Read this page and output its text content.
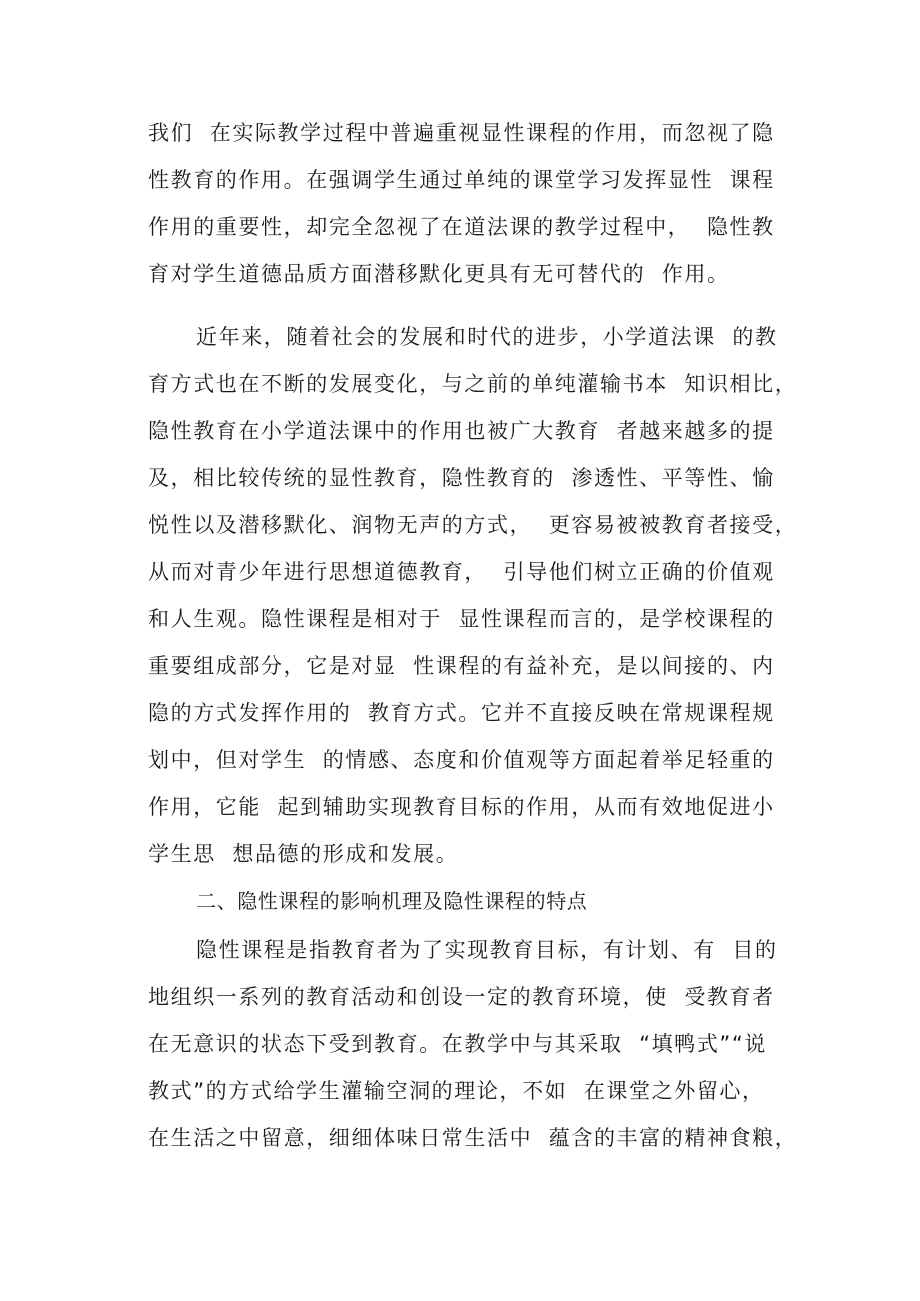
我们  在实际教学过程中普遍重视显性课程的作用，而忽视了隐
性教育的作用。在强调学生通过单纯的课堂学习发挥显性  课程
作用的重要性，却完全忽视了在道法课的教学过程中，  隐性教
育对学生道德品质方面潜移默化更具有无可替代的  作用。
近年来，随着社会的发展和时代的进步，小学道法课  的教
育方式也在不断的发展变化，与之前的单纯灌输书本  知识相比，
隐性教育在小学道法课中的作用也被广大教育  者越来越多的提
及，相比较传统的显性教育，隐性教育的  渗透性、平等性、愉
悦性以及潜移默化、润物无声的方式，  更容易被被教育者接受，
从而对青少年进行思想道德教育，  引导他们树立正确的价值观
和人生观。隐性课程是相对于  显性课程而言的，是学校课程的
重要组成部分，它是对显  性课程的有益补充，是以间接的、内
隐的方式发挥作用的  教育方式。它并不直接反映在常规课程规
划中，但对学生  的情感、态度和价值观等方面起着举足轻重的
作用，它能  起到辅助实现教育目标的作用，从而有效地促进小
学生思  想品德的形成和发展。
二、隐性课程的影响机理及隐性课程的特点
隐性课程是指教育者为了实现教育目标，有计划、有  目的
地组织一系列的教育活动和创设一定的教育环境，使  受教育者
在无意识的状态下受到教育。在教学中与其采取  “填鸭式”“说
教式”的方式给学生灌输空洞的理论，不如  在课堂之外留心，
在生活之中留意，细细体味日常生活中  蕴含的丰富的精神食粮，
